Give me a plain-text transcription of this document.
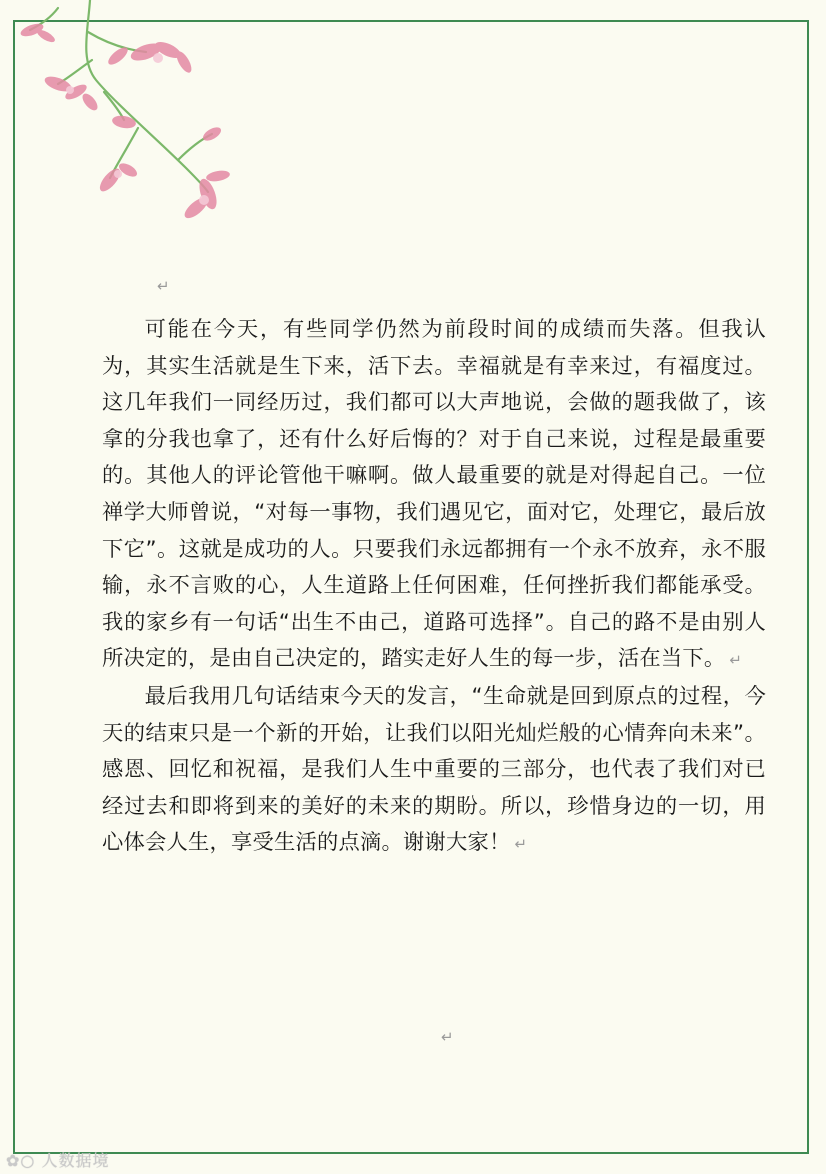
↵

可能在今天，有些同学仍然为前段时间的成绩而失落。但我认为，其实生活就是生下来，活下去。幸福就是有幸来过，有福度过。这几年我们一同经历过，我们都可以大声地说，会做的题我做了，该拿的分我也拿了，还有什么好后悔的？对于自己来说，过程是最重要的。其他人的评论管他干嘛啊。做人最重要的就是对得起自己。一位禅学大师曾说，“对每一事物，我们遇见它，面对它，处理它，最后放下它”。这就是成功的人。只要我们永远都拥有一个永不放弃，永不服输，永不言败的心，人生道路上任何困难，任何挫折我们都能承受。我的家乡有一句话“出生不由己，道路可选择”。自己的路不是由别人所决定的，是由自己决定的，踏实走好人生的每一步，活在当下。 ↵

最后我用几句话结束今天的发言，“生命就是回到原点的过程，今天的结束只是一个新的开始，让我们以阳光灿烂般的心情奔向未来”。感恩、回忆和祝福，是我们人生中重要的三部分，也代表了我们对已经过去和即将到来的美好的未来的期盼。所以，珍惜身边的一切，用心体会人生，享受生活的点滴。谢谢大家！ ↵

↵
✿○ 人数据境
